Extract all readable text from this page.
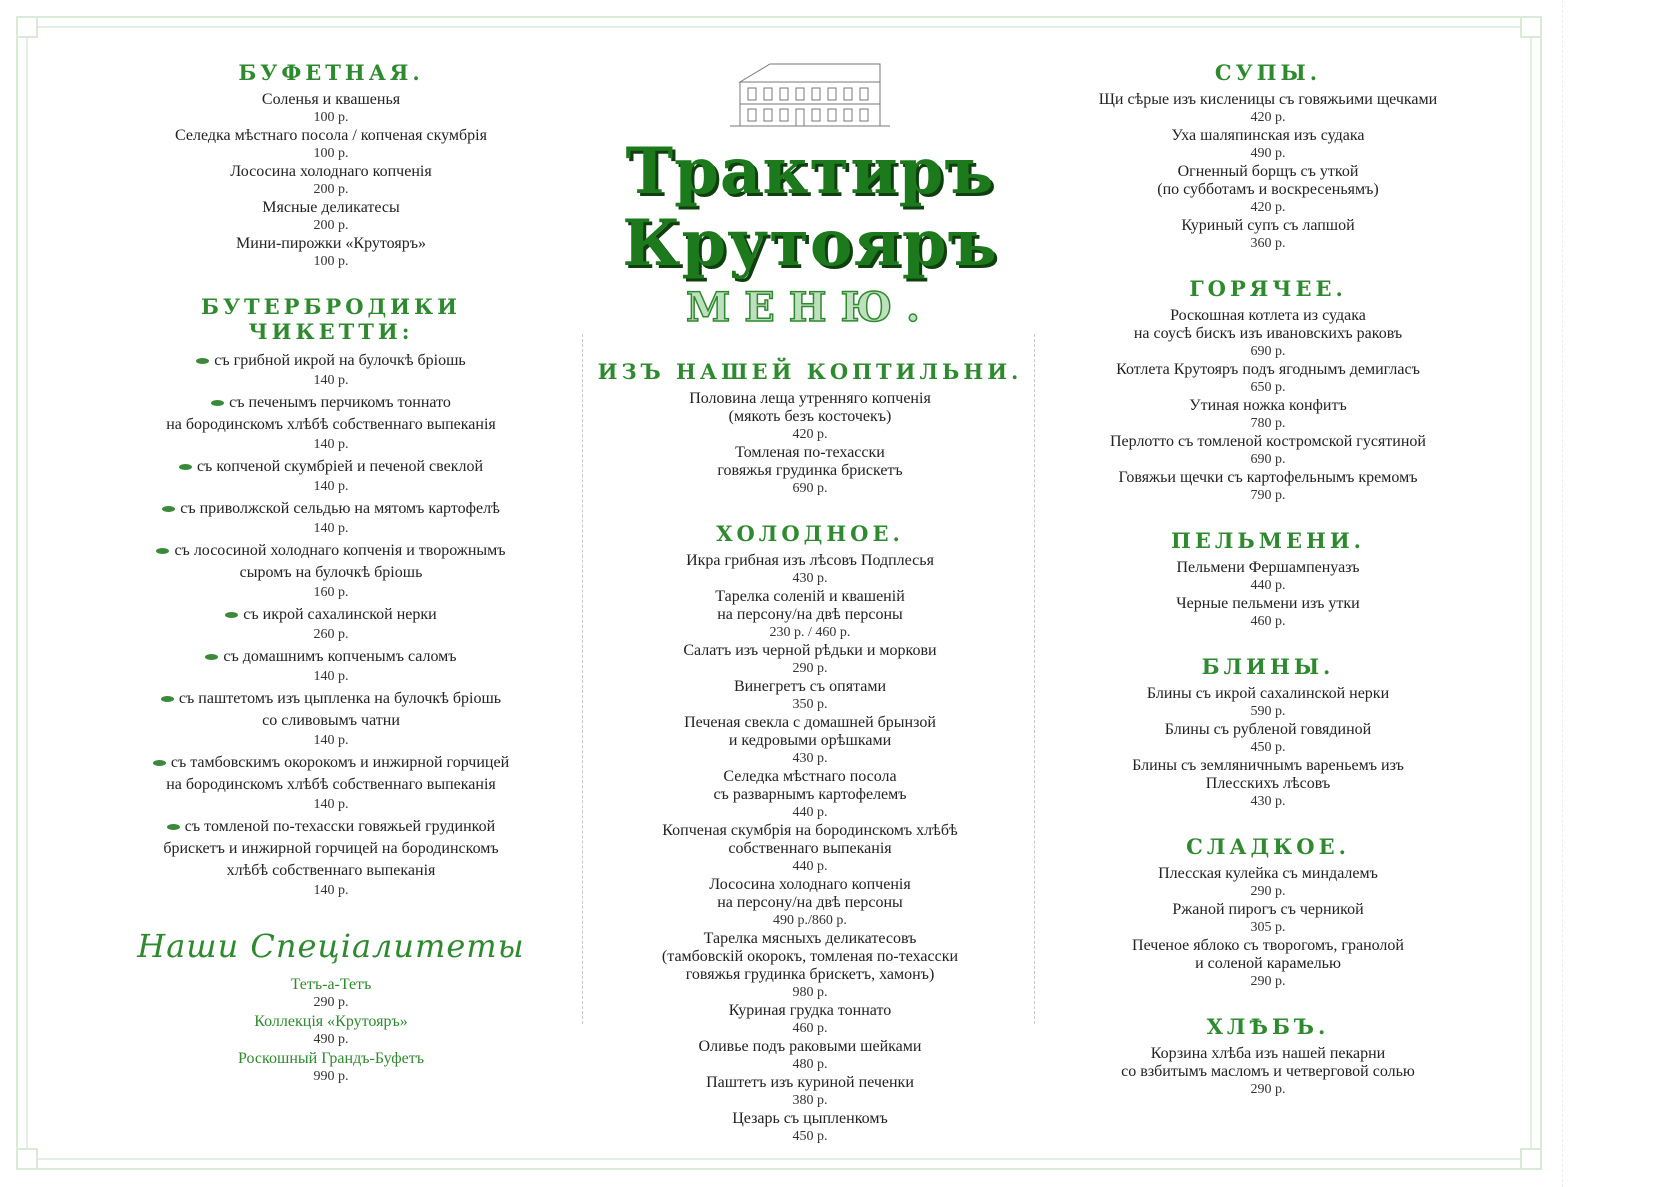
БУФЕТНАЯ.
Соленья и квашенья
100 р.
Селедка мѣстнаго посола / копченая скумбрія
100 р.
Лососина холоднаго копченія
200 р.
Мясные деликатесы
200 р.
Мини-пирожки «Крутояръ»
100 р.
БУТЕРБРОДИКИ ЧИКЕТТИ:
съ грибной икрой на булочкѣ бріошь
140 р.
съ печенымъ перчикомъ тоннато
на бородинскомъ хлѣбѣ собственнаго выпеканія
140 р.
съ копченой скумбріей и печеной свеклой
140 р.
съ приволжской сельдью на мятомъ картофелѣ
140 р.
съ лососиной холоднаго копченія и творожнымъ
сыромъ на булочкѣ бріошь
160 р.
съ икрой сахалинской нерки
260 р.
съ домашнимъ копченымъ саломъ
140 р.
съ паштетомъ изъ цыпленка на булочкѣ бріошь
со сливовымъ чатни
140 р.
съ тамбовскимъ окорокомъ и инжирной горчицей
на бородинскомъ хлѣбѣ собственнаго выпеканія
140 р.
съ томленой по-техасски говяжьей грудинкой
брискетъ и инжирной горчицей на бородинскомъ
хлѣбѣ собственнаго выпеканія
140 р.
Наши Спеціалитеты
Тетъ-а-Тетъ
290 р.
Коллекція «Крутояръ»
490 р.
Роскошный Грандъ-Буфетъ
990 р.
Трактиръ Крутояръ
МЕНЮ.
ИЗЪ НАШЕЙ КОПТИЛЬНИ.
Половина леща утренняго копченія
(мякоть безъ косточекъ)
420 р.
Томленая по-техасски
говяжья грудинка брискетъ
690 р.
ХОЛОДНОЕ.
Икра грибная изъ лѣсовъ Подплесья
430 р.
Тарелка соленій и квашеній
на персону/на двѣ персоны
230 р. / 460 р.
Салатъ изъ черной рѣдьки и моркови
290 р.
Винегретъ съ опятами
350 р.
Печеная свекла с домашней брынзой
и кедровыми орѣшками
430 р.
Селедка мѣстнаго посола
съ разварнымъ картофелемъ
440 р.
Копченая скумбрія на бородинскомъ хлѣбѣ
собственнаго выпеканія
440 р.
Лососина холоднаго копченія
на персону/на двѣ персоны
490 р./860 р.
Тарелка мясныхъ деликатесовъ
(тамбовскій окорокъ, томленая по-техасски
говяжья грудинка брискетъ, хамонъ)
980 р.
Куриная грудка тоннато
460 р.
Оливье подъ раковыми шейками
480 р.
Паштетъ изъ куриной печенки
380 р.
Цезарь съ цыпленкомъ
450 р.
СУПЫ.
Щи сѣрые изъ кисленицы съ говяжьими щечками
420 р.
Уха шаляпинская изъ судака
490 р.
Огненный борщъ съ уткой
(по субботамъ и воскресеньямъ)
420 р.
Куриный супъ съ лапшой
360 р.
ГОРЯЧЕЕ.
Роскошная котлета из судака
на соусѣ бискъ изъ ивановскихъ раковъ
690 р.
Котлета Крутояръ подъ ягоднымъ демигласъ
650 р.
Утиная ножка конфитъ
780 р.
Перлотто съ томленой костромской гусятиной
690 р.
Говяжьи щечки съ картофельнымъ кремомъ
790 р.
ПЕЛЬМЕНИ.
Пельмени Фершампенуазъ
440 р.
Черные пельмени изъ утки
460 р.
БЛИНЫ.
Блины съ икрой сахалинской нерки
590 р.
Блины съ рубленой говядиной
450 р.
Блины съ земляничнымъ вареньемъ изъ
Плесскихъ лѣсовъ
430 р.
СЛАДКОЕ.
Плесская кулейка съ миндалемъ
290 р.
Ржаной пирогъ съ черникой
305 р.
Печеное яблоко съ творогомъ, гранолой
и соленой карамелью
290 р.
ХЛѢБЪ.
Корзина хлѣба изъ нашей пекарни
со взбитымъ масломъ и четверговой солью
290 р.
